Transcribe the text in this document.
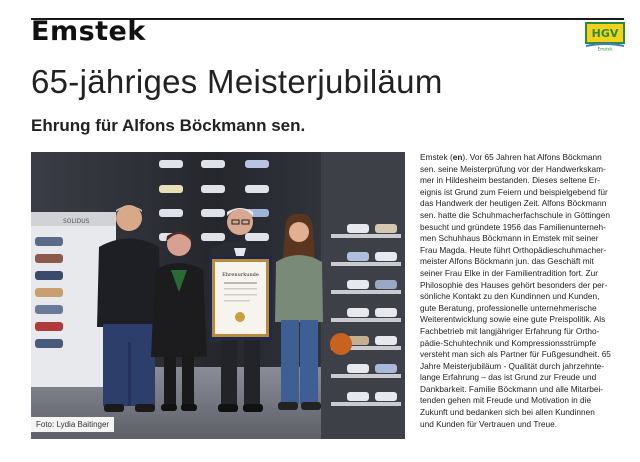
Emstek	HGV
Emstek
65-jähriges Meisterjubiläum
Ehrung für Alfons Böckmann sen.
SOLIDUS
Ehrenurkunde
Foto: Lydia Baitinger
Emstek (en). Vor 65 Jahren hat Alfons Böckmann
sen. seine Meisterprüfung vor der Handwerkskam-
mer in Hildesheim bestanden. Dieses seltene Er-
eignis ist Grund zum Feiern und beispielgebend für
das Handwerk der heutigen Zeit. Alfons Böckmann
sen. hatte die Schuhmacherfachschule in Göttingen
besucht und gründete 1956 das Familienunterneh-
men Schuhhaus Böckmann in Emstek mit seiner
Frau Magda. Heute führt Orthopädieschuhmacher-
meister Alfons Böckmann jun. das Geschäft mit
seiner Frau Elke in der Familientradition fort. Zur
Philosophie des Hauses gehört besonders der per-
sönliche Kontakt zu den Kundinnen und Kunden,
gute Beratung, professionelle unternehmerische
Weiterentwicklung sowie eine gute Preispolitik. Als
Fachbetrieb mit langjähriger Erfahrung für Ortho-
pädie-Schuhtechnik und Kompressionsstrümpfe
versteht man sich als Partner für Fußgesundheit. 65
Jahre Meisterjubiläum - Qualität durch jahrzehnte-
lange Erfahrung – das ist Grund zur Freude und
Dankbarkeit. Familie Böckmann und alle Mitarbei-
tenden gehen mit Freude und Motivation in die
Zukunft und bedanken sich bei allen Kundinnen
und Kunden für Vertrauen und Treue.
